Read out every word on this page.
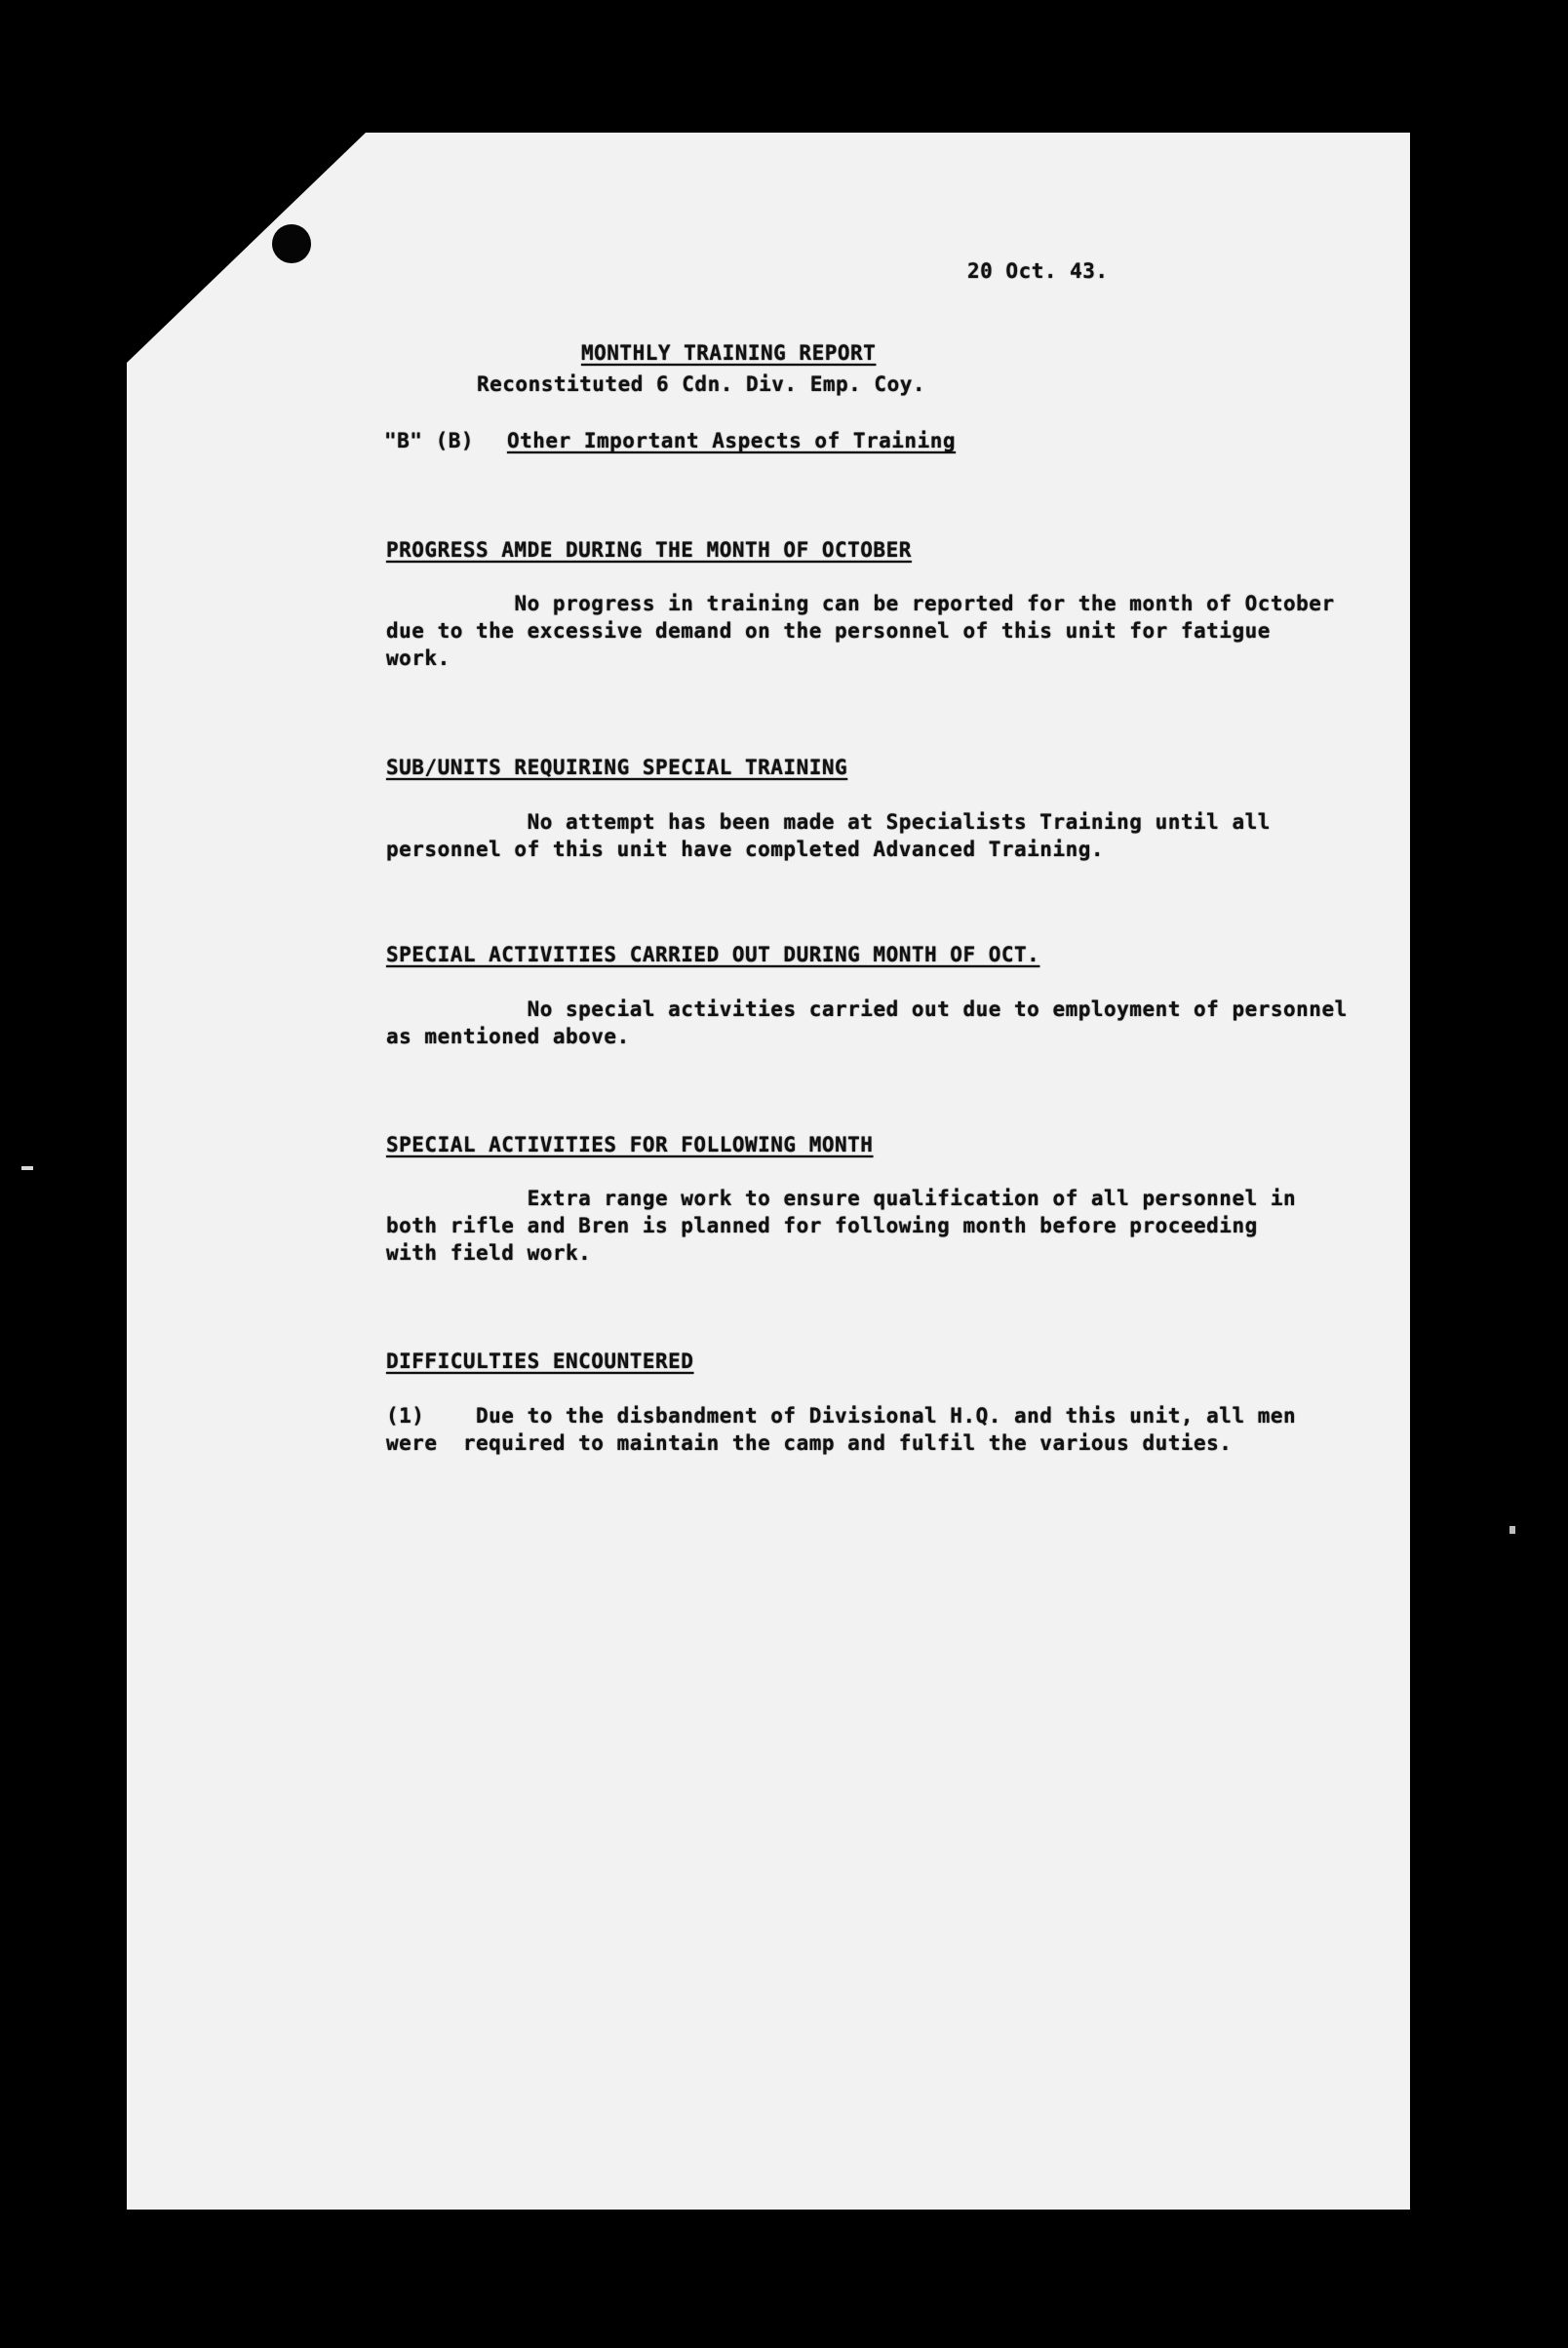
20 Oct. 43.
MONTHLY TRAINING REPORT
Reconstituted 6 Cdn. Div. Emp. Coy.
"B" (B) Other Important Aspects of Training
PROGRESS AMDE DURING THE MONTH OF OCTOBER
No progress in training can be reported for the month of October
due to the excessive demand on the personnel of this unit for fatigue
work.
SUB/UNITS REQUIRING SPECIAL TRAINING
No attempt has been made at Specialists Training until all
personnel of this unit have completed Advanced Training.
SPECIAL ACTIVITIES CARRIED OUT DURING MONTH OF OCT.
No special activities carried out due to employment of personnel
as mentioned above.
SPECIAL ACTIVITIES FOR FOLLOWING MONTH
Extra range work to ensure qualification of all personnel in
both rifle and Bren is planned for following month before proceeding
with field work.
DIFFICULTIES ENCOUNTERED
(1)    Due to the disbandment of Divisional H.Q. and this unit, all men
were  required to maintain the camp and fulfil the various duties.
